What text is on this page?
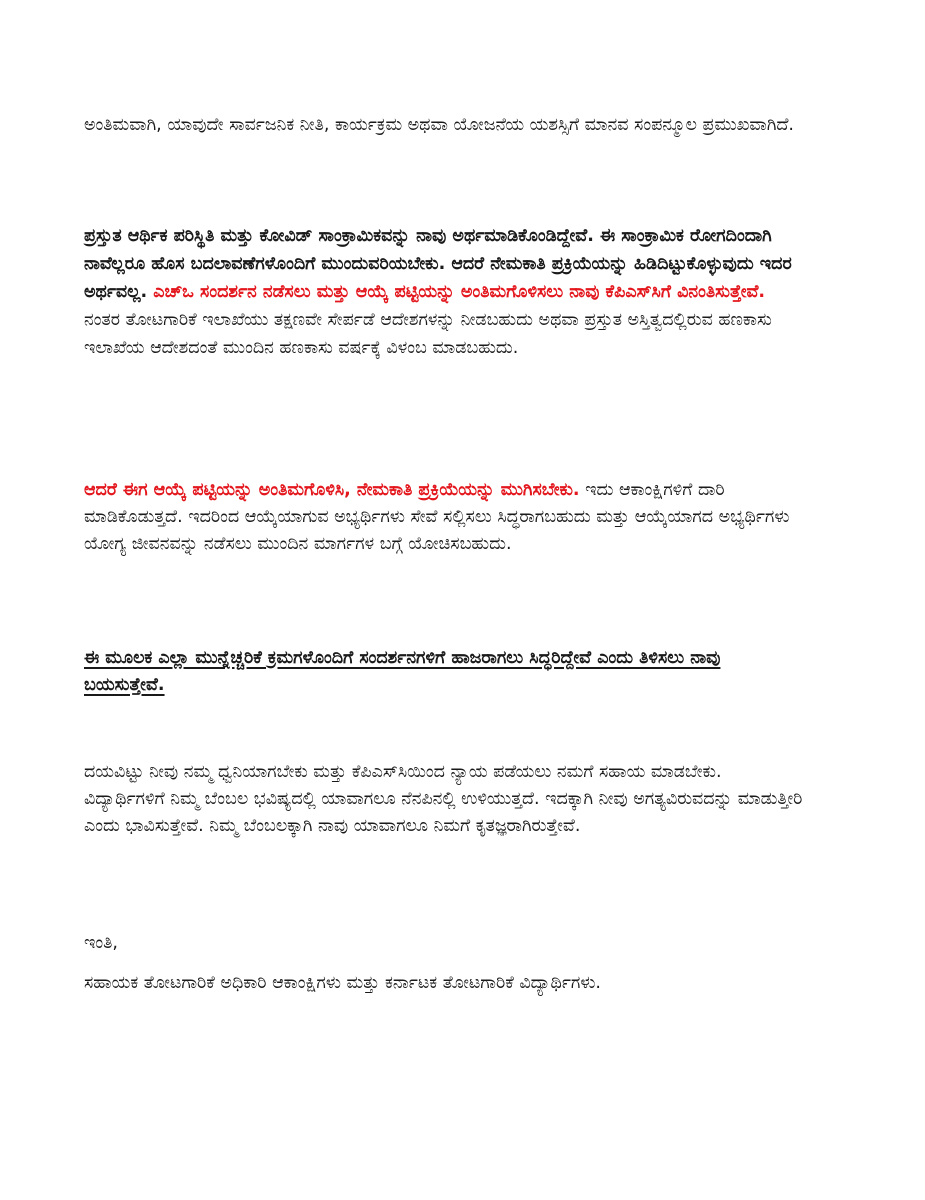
ಅಂತಿಮವಾಗಿ, ಯಾವುದೇ ಸಾರ್ವಜನಿಕ ನೀತಿ, ಕಾರ್ಯಕ್ರಮ ಅಥವಾ ಯೋಜನೆಯ ಯಶಸ್ಸಿಗೆ ಮಾನವ ಸಂಪನ್ಮೂಲ ಪ್ರಮುಖವಾಗಿದೆ.

ಪ್ರಸ್ತುತ ಆರ್ಥಿಕ ಪರಿಸ್ಥಿತಿ ಮತ್ತು ಕೋವಿಡ್ ಸಾಂಕ್ರಾಮಿಕವನ್ನು ನಾವು ಅರ್ಥಮಾಡಿಕೊಂಡಿದ್ದೇವೆ. ಈ ಸಾಂಕ್ರಾಮಿಕ ರೋಗದಿಂದಾಗಿ ನಾವೆಲ್ಲರೂ ಹೊಸ ಬದಲಾವಣೆಗಳೊಂದಿಗೆ ಮುಂದುವರಿಯಬೇಕು. ಆದರೆ ನೇಮಕಾತಿ ಪ್ರಕ್ರಿಯೆಯನ್ನು ಹಿಡಿದಿಟ್ಟುಕೊಳ್ಳುವುದು ಇದರ ಅರ್ಥವಲ್ಲ. ಎಚ್‌ಒ ಸಂದರ್ಶನ ನಡೆಸಲು ಮತ್ತು ಆಯ್ಕೆ ಪಟ್ಟಿಯನ್ನು ಅಂತಿಮಗೊಳಿಸಲು ನಾವು ಕೆಪಿಎಸ್‌ಸಿಗೆ ವಿನಂತಿಸುತ್ತೇವೆ. ನಂತರ ತೋಟಗಾರಿಕೆ ಇಲಾಖೆಯು ತಕ್ಷಣವೇ ಸೇರ್ಪಡೆ ಆದೇಶಗಳನ್ನು ನೀಡಬಹುದು ಅಥವಾ ಪ್ರಸ್ತುತ ಅಸ್ತಿತ್ವದಲ್ಲಿರುವ ಹಣಕಾಸು ಇಲಾಖೆಯ ಆದೇಶದಂತೆ ಮುಂದಿನ ಹಣಕಾಸು ವರ್ಷಕ್ಕೆ ವಿಳಂಬ ಮಾಡಬಹುದು.

ಆದರೆ ಈಗ ಆಯ್ಕೆ ಪಟ್ಟಿಯನ್ನು ಅಂತಿಮಗೊಳಿಸಿ, ನೇಮಕಾತಿ ಪ್ರಕ್ರಿಯೆಯನ್ನು ಮುಗಿಸಬೇಕು. ಇದು ಆಕಾಂಕ್ಷಿಗಳಿಗೆ ದಾರಿ ಮಾಡಿಕೊಡುತ್ತದೆ. ಇದರಿಂದ ಆಯ್ಕೆಯಾಗುವ ಅಭ್ಯರ್ಥಿಗಳು ಸೇವೆ ಸಲ್ಲಿಸಲು ಸಿದ್ಧರಾಗಬಹುದು ಮತ್ತು ಆಯ್ಕೆಯಾಗದ ಅಭ್ಯರ್ಥಿಗಳು ಯೋಗ್ಯ ಜೀವನವನ್ನು ನಡೆಸಲು ಮುಂದಿನ ಮಾರ್ಗಗಳ ಬಗ್ಗೆ ಯೋಚಿಸಬಹುದು.

ಈ ಮೂಲಕ ಎಲ್ಲಾ ಮುನ್ನೆಚ್ಚರಿಕೆ ಕ್ರಮಗಳೊಂದಿಗೆ ಸಂದರ್ಶನಗಳಿಗೆ ಹಾಜರಾಗಲು ಸಿದ್ಧರಿದ್ದೇವೆ ಎಂದು ತಿಳಿಸಲು ನಾವು ಬಯಸುತ್ತೇವೆ.

ದಯವಿಟ್ಟು ನೀವು ನಮ್ಮ ಧ್ವನಿಯಾಗಬೇಕು ಮತ್ತು ಕೆಪಿಎಸ್‌ಸಿಯಿಂದ ನ್ಯಾಯ ಪಡೆಯಲು ನಮಗೆ ಸಹಾಯ ಮಾಡಬೇಕು. ವಿದ್ಯಾರ್ಥಿಗಳಿಗೆ ನಿಮ್ಮ ಬೆಂಬಲ ಭವಿಷ್ಯದಲ್ಲಿ ಯಾವಾಗಲೂ ನೆನಪಿನಲ್ಲಿ ಉಳಿಯುತ್ತದೆ. ಇದಕ್ಕಾಗಿ ನೀವು ಅಗತ್ಯವಿರುವದನ್ನು ಮಾಡುತ್ತೀರಿ ಎಂದು ಭಾವಿಸುತ್ತೇವೆ. ನಿಮ್ಮ ಬೆಂಬಲಕ್ಕಾಗಿ ನಾವು ಯಾವಾಗಲೂ ನಿಮಗೆ ಕೃತಜ್ಞರಾಗಿರುತ್ತೇವೆ.

ಇಂತಿ,

ಸಹಾಯಕ ತೋಟಗಾರಿಕೆ ಅಧಿಕಾರಿ ಆಕಾಂಕ್ಷಿಗಳು ಮತ್ತು ಕರ್ನಾಟಕ ತೋಟಗಾರಿಕೆ ವಿದ್ಯಾರ್ಥಿಗಳು.
